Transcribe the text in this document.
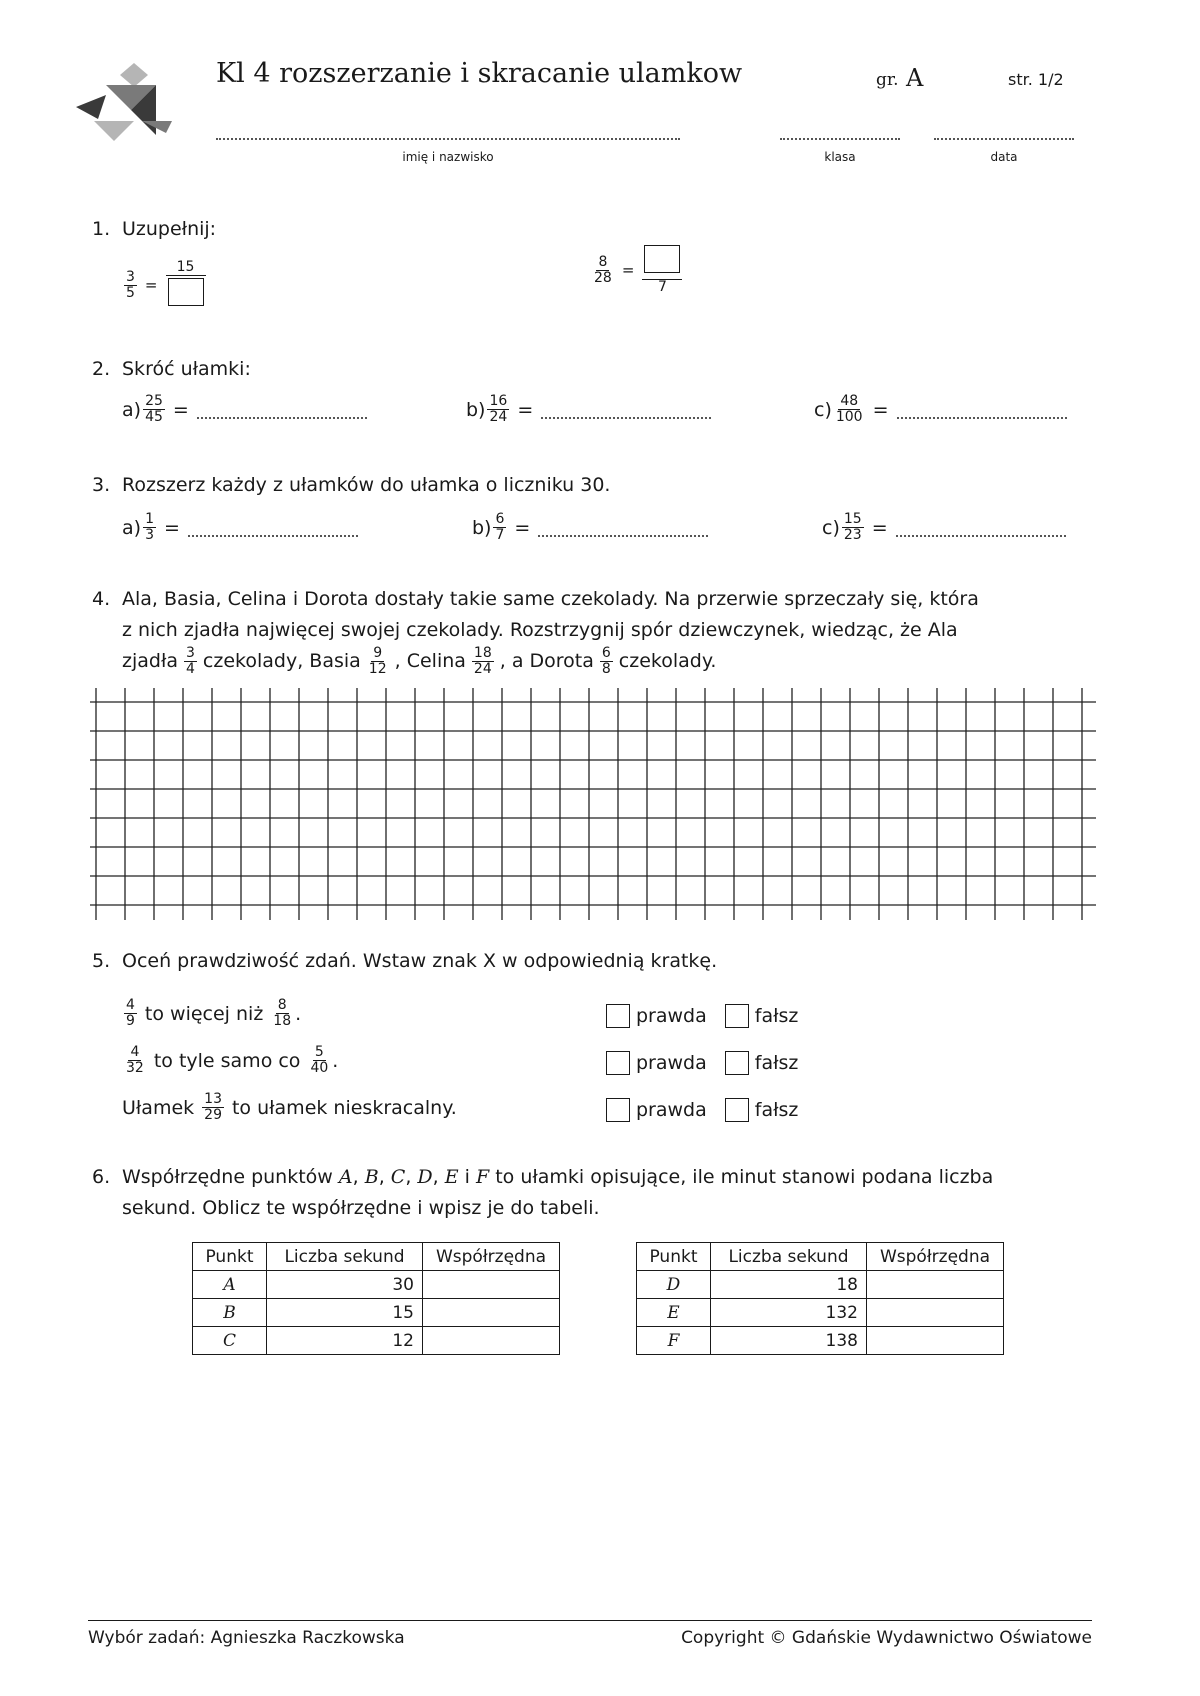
Kl 4 rozszerzanie i skracanie ulamkow	gr. A	str. 1/2
imię i nazwisko	klasa	data
1. Uzupełnij:
$\frac{3}{5}$ =
15	$\frac{8}{28}$ =
7
2. Skróć ułamki:
$a) \frac{25}{45}$ =	$b) \frac{16}{24}$ =	$c) \frac{48}{100}$ =
3. Rozszerz każdy z ułamków do ułamka o liczniku 30.
$a) \frac{1}{3}$ =	$b) \frac{6}{7}$ =	$c) \frac{15}{23}$ =
4. Ala, Basia, Celina i Dorota dostały takie same czekolady. Na przerwie sprzeczały się, która
z nich zjadła najwięcej swojej czekolady. Rozstrzygnij spór dziewczynek, wiedząc, że Ala
zjadła $\frac{3}{4}$ czekolady, Basia $\frac{9}{12}$ , Celina $\frac{18}{24}$ , a Dorota $\frac{6}{8}$ czekolady.
5. Oceń prawdziwość zdań. Wstaw znak X w odpowiednią kratkę.
$\frac{4}{9}$ to więcej niż $\frac{8}{18}$ .
$\frac{4}{32}$ to tyle samo co $\frac{5}{40}$ .
Ułamek $\frac{13}{29}$ to ułamek nieskracalny.
prawda	fałsz
prawda	fałsz
prawda	fałsz
6. Współrzędne punktów A, B, C, D, E i F to ułamki opisujące, ile minut stanowi podana liczba
sekund. Oblicz te współrzędne i wpisz je do tabeli.
Punkt	Liczba sekund	Współrzędna
A	30	
B	15	
C	12	
Punkt	Liczba sekund	Współrzędna
D	18	
E	132	
F	138	
Wybór zadań: Agnieszka Raczkowska	Copyright © Gdańskie Wydawnictwo Oświatowe
